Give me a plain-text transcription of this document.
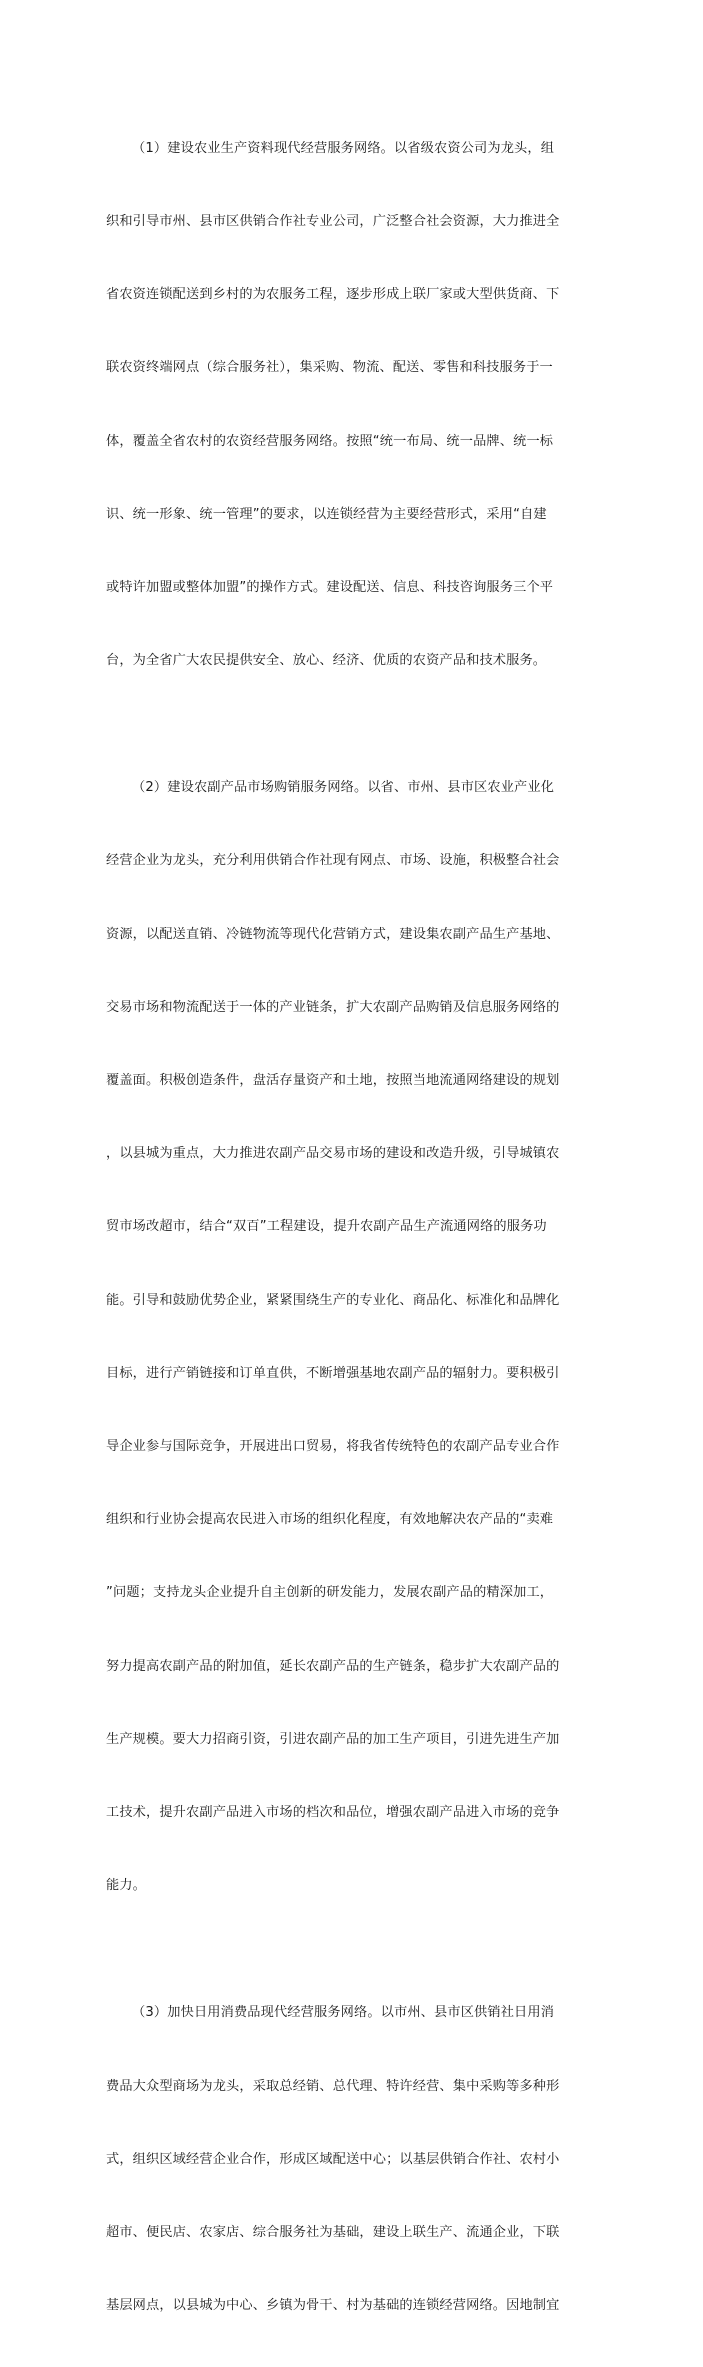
（1）建设农业生产资料现代经营服务网络。以省级农资公司为龙头，组

织和引导市州、县市区供销合作社专业公司，广泛整合社会资源，大力推进全

省农资连锁配送到乡村的为农服务工程，逐步形成上联厂家或大型供货商、下

联农资终端网点（综合服务社），集采购、物流、配送、零售和科技服务于一

体，覆盖全省农村的农资经营服务网络。按照“统一布局、统一品牌、统一标

识、统一形象、统一管理”的要求，以连锁经营为主要经营形式，采用“自建

或特许加盟或整体加盟”的操作方式。建设配送、信息、科技咨询服务三个平

台，为全省广大农民提供安全、放心、经济、优质的农资产品和技术服务。

（2）建设农副产品市场购销服务网络。以省、市州、县市区农业产业化

经营企业为龙头，充分利用供销合作社现有网点、市场、设施，积极整合社会

资源，以配送直销、冷链物流等现代化营销方式，建设集农副产品生产基地、

交易市场和物流配送于一体的产业链条，扩大农副产品购销及信息服务网络的

覆盖面。积极创造条件，盘活存量资产和土地，按照当地流通网络建设的规划

，以县城为重点，大力推进农副产品交易市场的建设和改造升级，引导城镇农

贸市场改超市，结合“双百”工程建设，提升农副产品生产流通网络的服务功

能。引导和鼓励优势企业，紧紧围绕生产的专业化、商品化、标准化和品牌化

目标，进行产销链接和订单直供，不断增强基地农副产品的辐射力。要积极引

导企业参与国际竞争，开展进出口贸易，将我省传统特色的农副产品专业合作

组织和行业协会提高农民进入市场的组织化程度，有效地解决农产品的“卖难

”问题；支持龙头企业提升自主创新的研发能力，发展农副产品的精深加工，

努力提高农副产品的附加值，延长农副产品的生产链条，稳步扩大农副产品的

生产规模。要大力招商引资，引进农副产品的加工生产项目，引进先进生产加

工技术，提升农副产品进入市场的档次和品位，增强农副产品进入市场的竞争

能力。

（3）加快日用消费品现代经营服务网络。以市州、县市区供销社日用消

费品大众型商场为龙头，采取总经销、总代理、特许经营、集中采购等多种形

式，组织区域经营企业合作，形成区域配送中心；以基层供销合作社、农村小

超市、便民店、农家店、综合服务社为基础，建设上联生产、流通企业，下联

基层网点，以县城为中心、乡镇为骨干、村为基础的连锁经营网络。因地制宜
